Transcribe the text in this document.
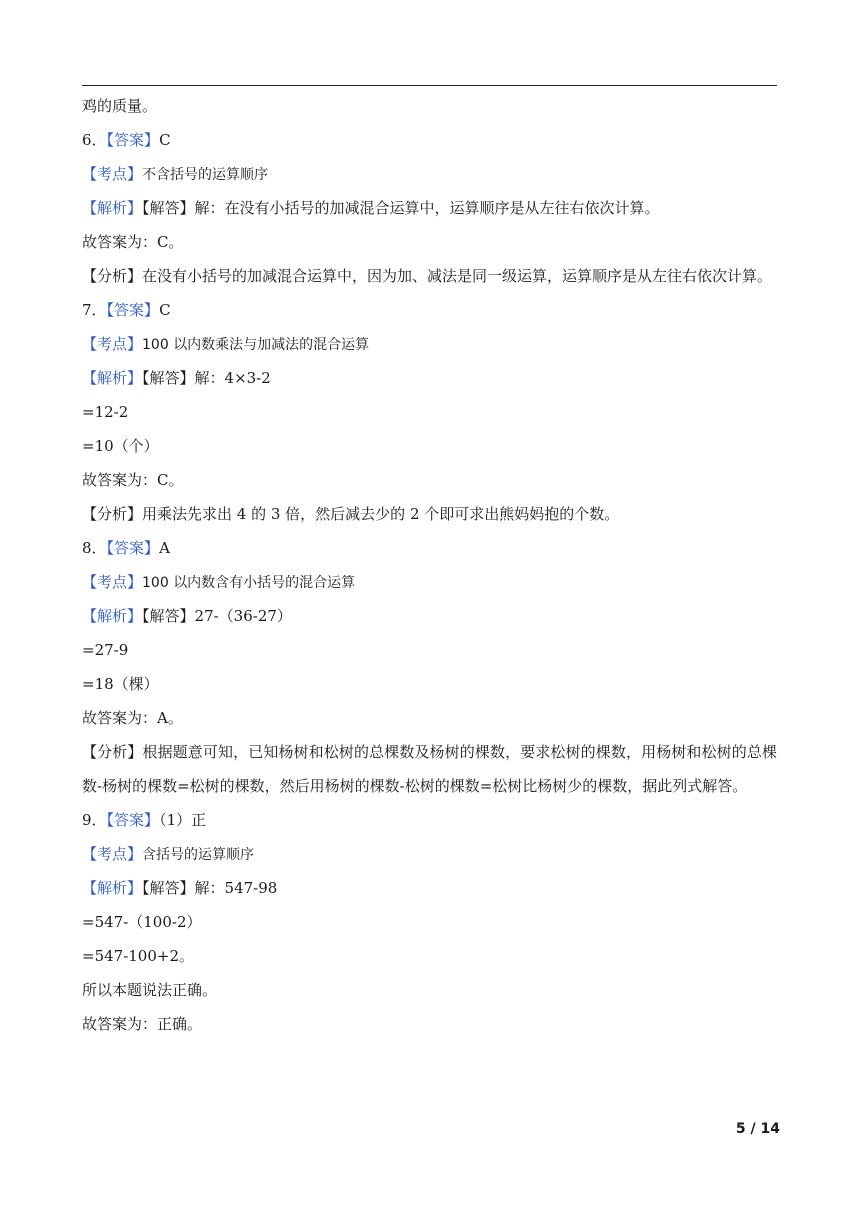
鸡的质量。
6．【答案】C
【考点】不含括号的运算顺序
【解析】【解答】解：在没有小括号的加减混合运算中，运算顺序是从左往右依次计算。
故答案为：C。
【分析】在没有小括号的加减混合运算中，因为加、减法是同一级运算，运算顺序是从左往右依次计算。
7．【答案】C
【考点】100 以内数乘法与加减法的混合运算
【解析】【解答】解：4×3-2
=12-2
=10（个）
故答案为：C。
【分析】用乘法先求出 4 的 3 倍，然后减去少的 2 个即可求出熊妈妈抱的个数。
8．【答案】A
【考点】100 以内数含有小括号的混合运算
【解析】【解答】27-（36-27）
=27-9
=18（棵）
故答案为：A。
【分析】根据题意可知，已知杨树和松树的总棵数及杨树的棵数，要求松树的棵数，用杨树和松树的总棵数-杨树的棵数=松树的棵数，然后用杨树的棵数-松树的棵数=松树比杨树少的棵数，据此列式解答。
9．【答案】（1）正
【考点】含括号的运算顺序
【解析】【解答】解：547-98
=547-（100-2）
=547-100+2。
所以本题说法正确。
故答案为：正确。
5 / 14
